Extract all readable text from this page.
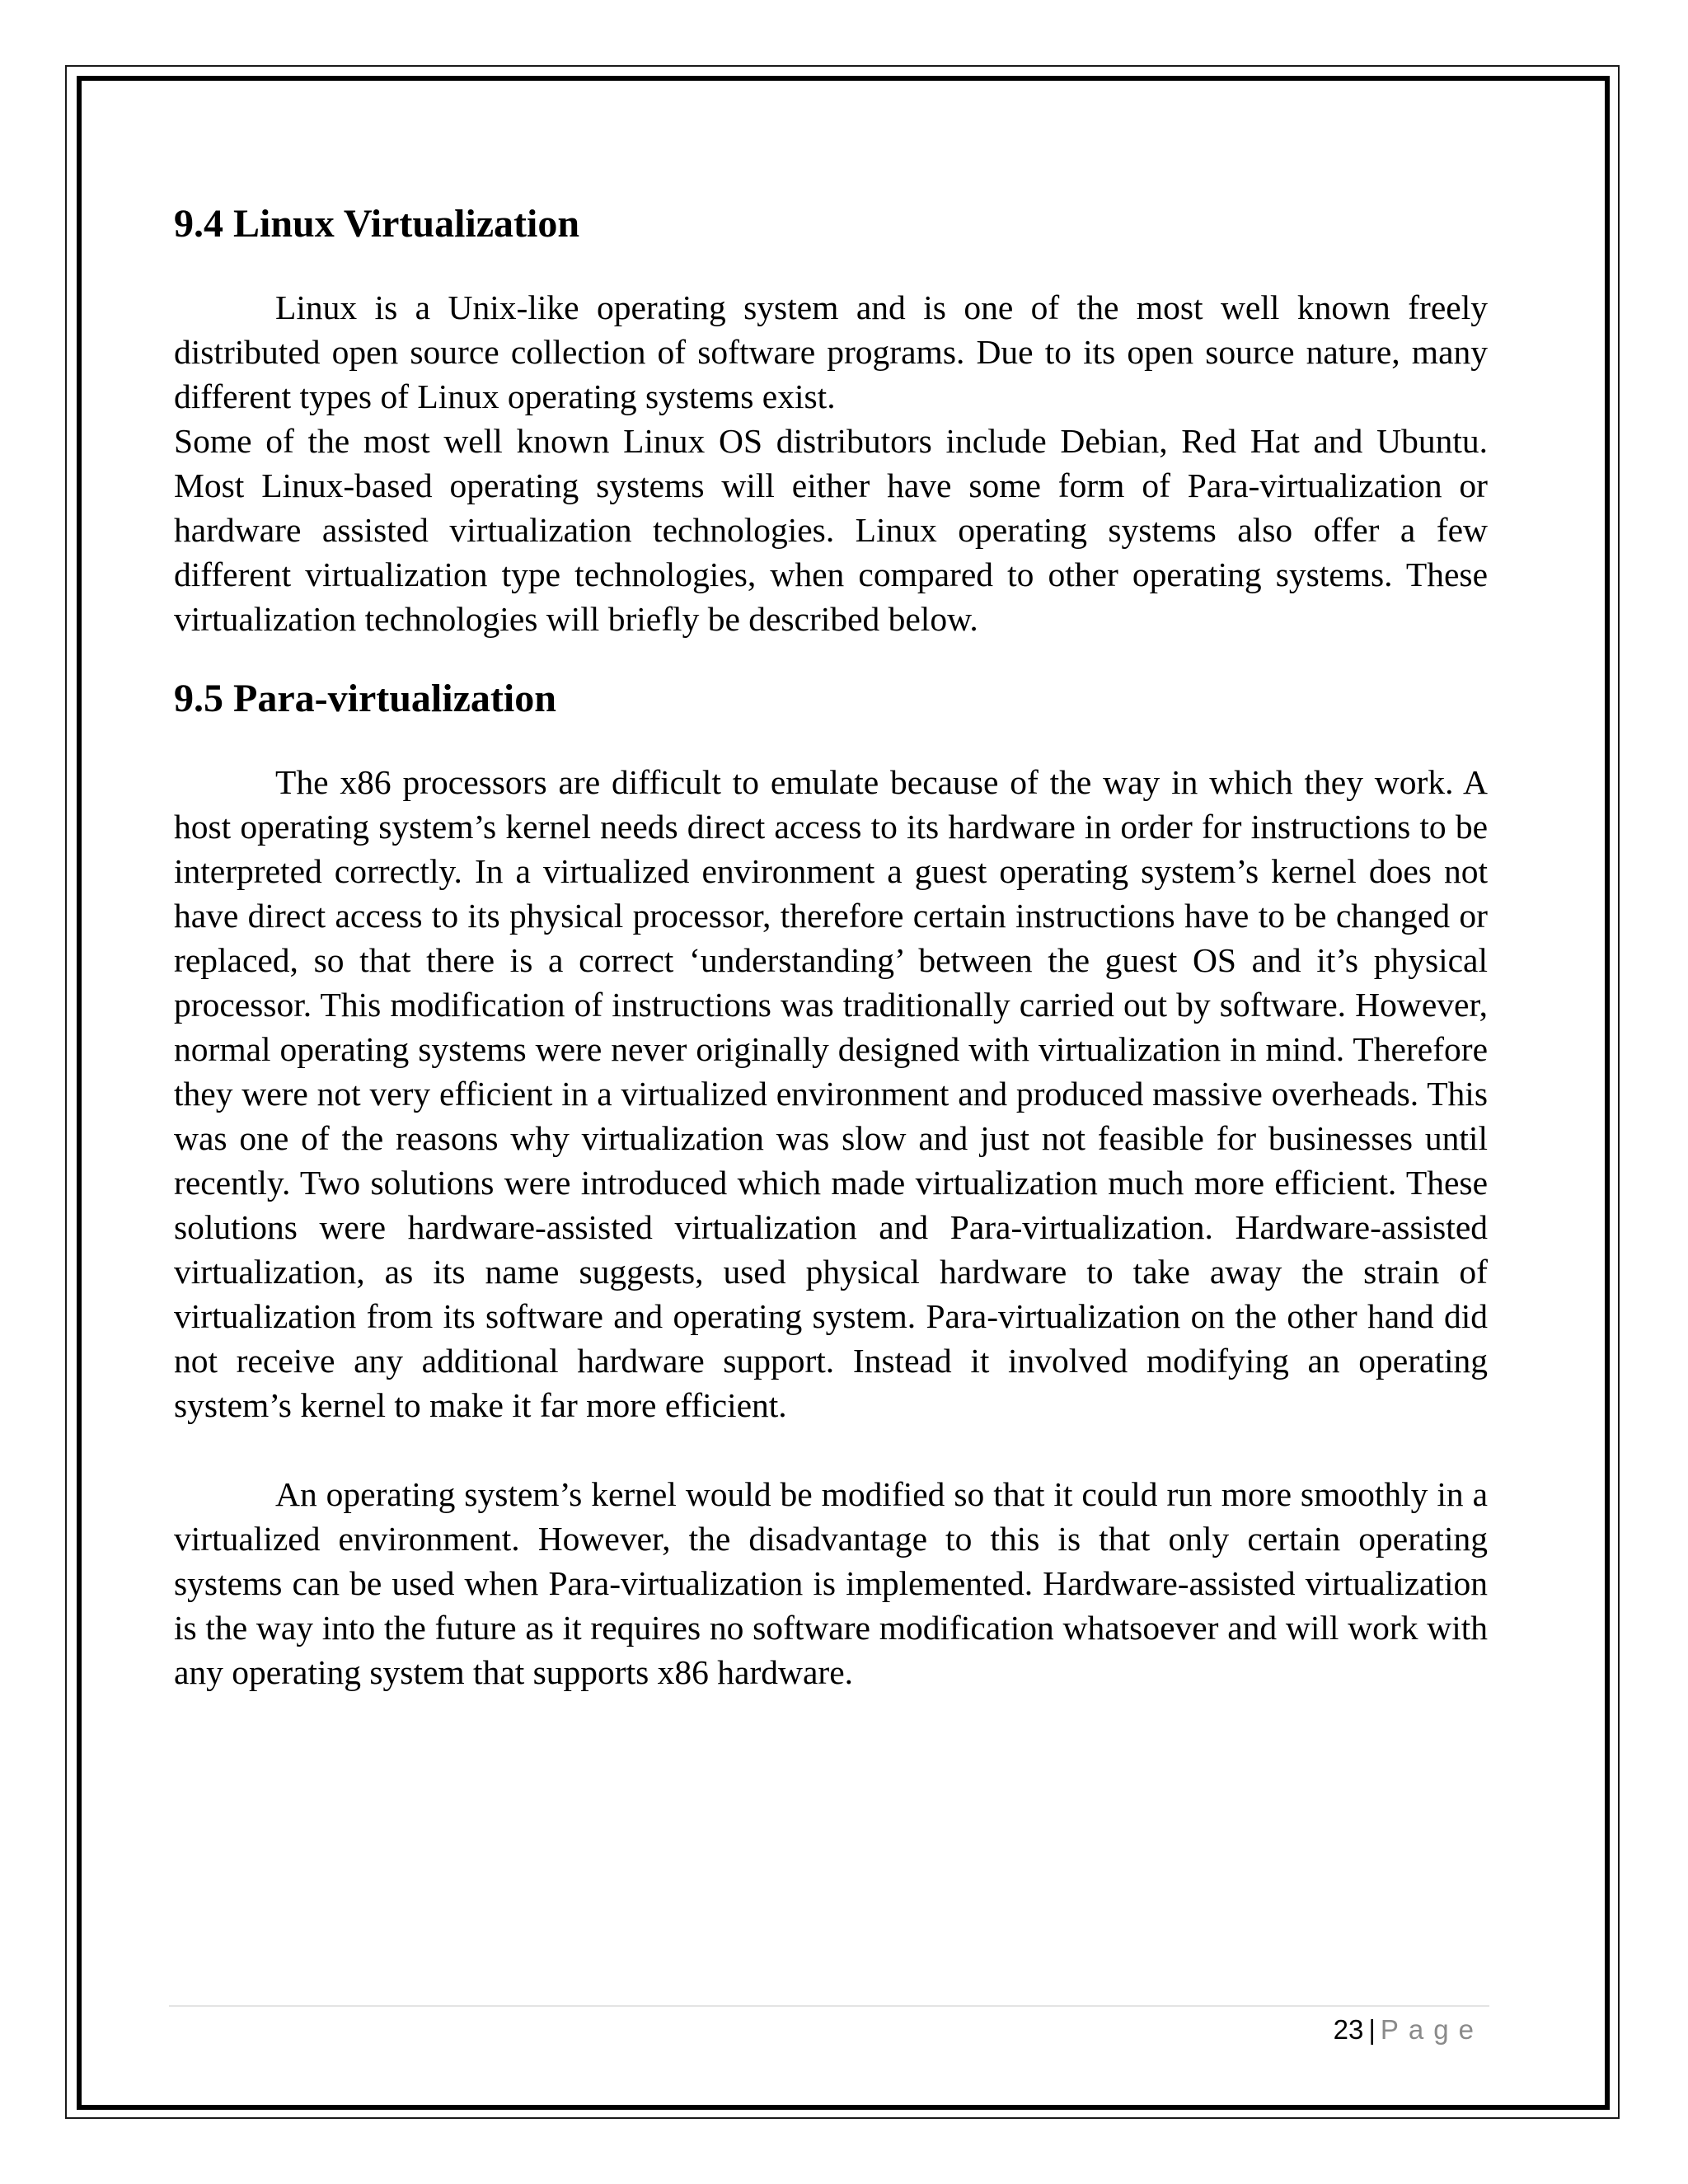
9.4 Linux Virtualization

Linux is a Unix-like operating system and is one of the most well known freely distributed open source collection of software programs. Due to its open source nature, many different types of Linux operating systems exist.

Some of the most well known Linux OS distributors include Debian, Red Hat and Ubuntu. Most Linux-based operating systems will either have some form of Para-virtualization or hardware assisted virtualization technologies. Linux operating systems also offer a few different virtualization type technologies, when compared to other operating systems. These virtualization technologies will briefly be described below.

9.5 Para-virtualization

The x86 processors are difficult to emulate because of the way in which they work. A host operating system’s kernel needs direct access to its hardware in order for instructions to be interpreted correctly. In a virtualized environment a guest operating system’s kernel does not have direct access to its physical processor, therefore certain instructions have to be changed or replaced, so that there is a correct ‘understanding’ between the guest OS and it’s physical processor. This modification of instructions was traditionally carried out by software. However, normal operating systems were never originally designed with virtualization in mind. Therefore they were not very efficient in a virtualized environment and produced massive overheads. This was one of the reasons why virtualization was slow and just not feasible for businesses until recently. Two solutions were introduced which made virtualization much more efficient. These solutions were hardware-assisted virtualization and Para-virtualization. Hardware-assisted virtualization, as its name suggests, used physical hardware to take away the strain of virtualization from its software and operating system. Para-virtualization on the other hand did not receive any additional hardware support. Instead it involved modifying an operating system’s kernel to make it far more efficient.

An operating system’s kernel would be modified so that it could run more smoothly in a virtualized environment. However, the disadvantage to this is that only certain operating systems can be used when Para-virtualization is implemented. Hardware-assisted virtualization is the way into the future as it requires no software modification whatsoever and will work with any operating system that supports x86 hardware.

23 | Page
